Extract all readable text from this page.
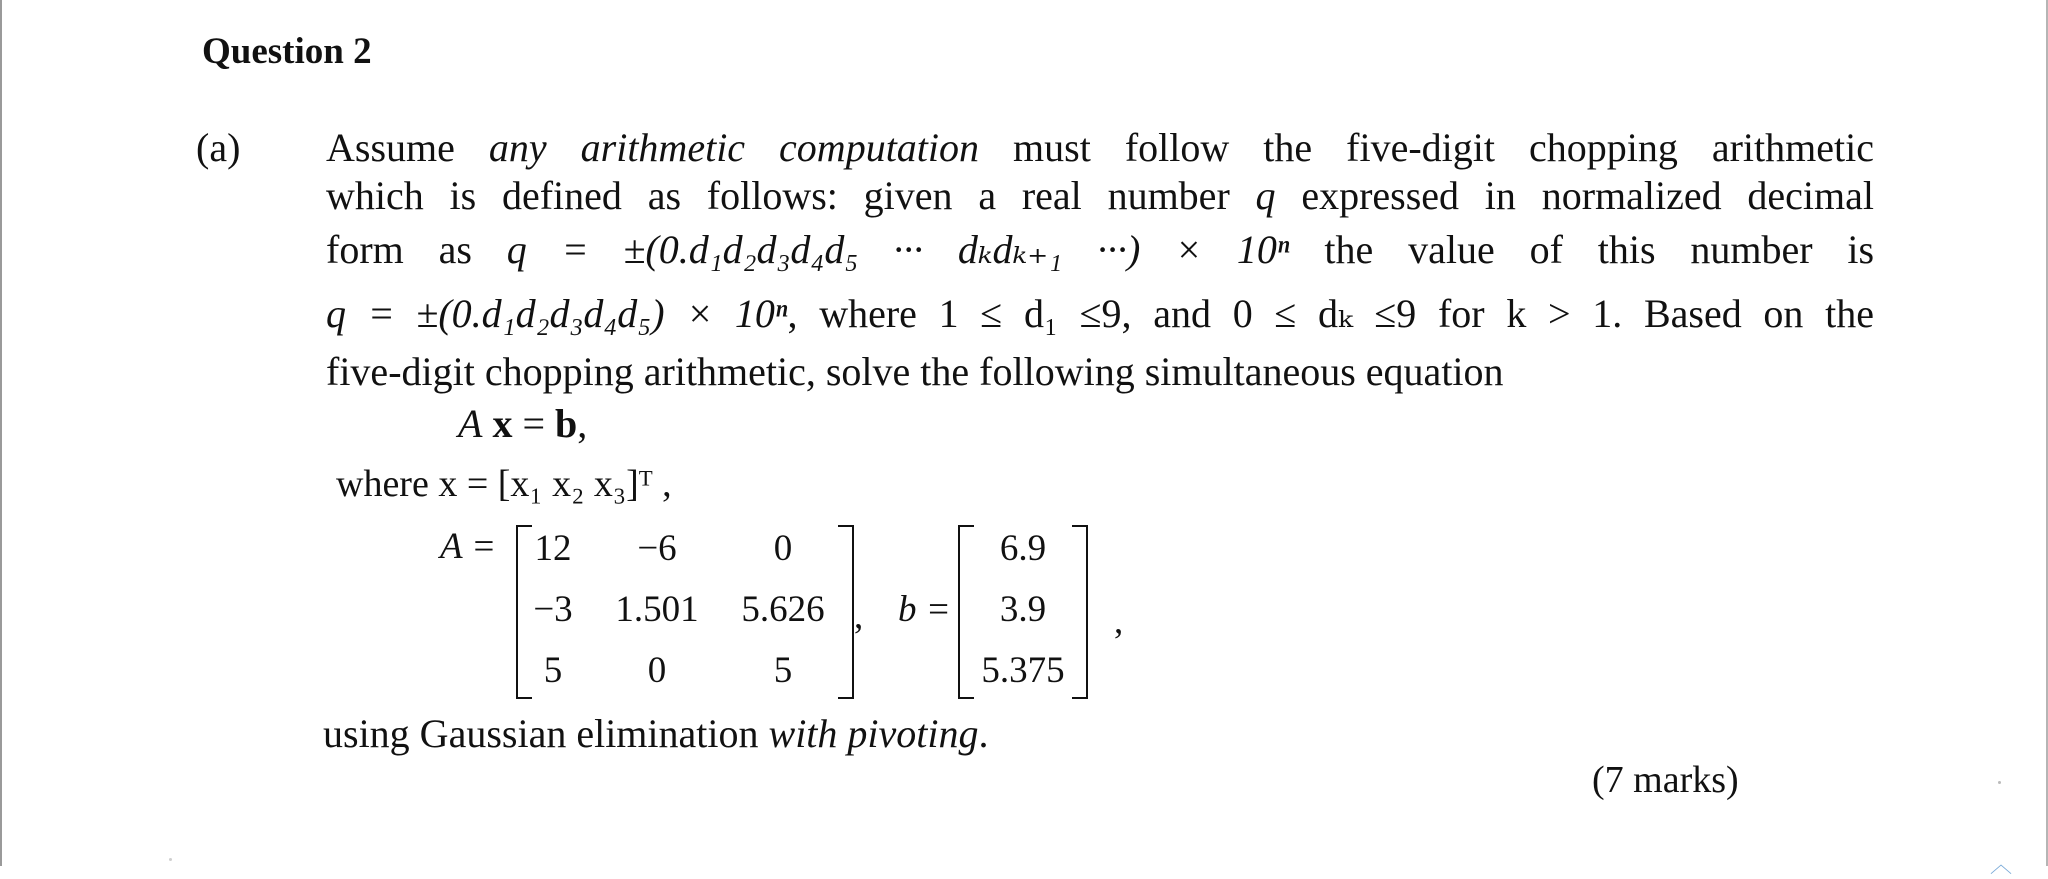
Question 2
(a) Assume any arithmetic computation must follow the five-digit chopping arithmetic
which is defined as follows: given a real number q expressed in normalized decimal
form as q = ±(0.d₁d₂d₃d₄d₅ ··· dₖdₖ₊₁ ···) × 10ⁿ the value of this number is
q = ±(0.d₁d₂d₃d₄d₅) × 10ⁿ, where 1 ≤ d₁ ≤9, and 0 ≤ dₖ ≤9 for k > 1. Based on the
five-digit chopping arithmetic, solve the following simultaneous equation
A x = b,
where x = [x₁ x₂ x₃]ᵀ ,
A =	12	−6	0
−3	1.501	5.626
5	0	5
, b =
6.9
3.9
5.375
,
using Gaussian elimination with pivoting.
(7 marks)
︿
